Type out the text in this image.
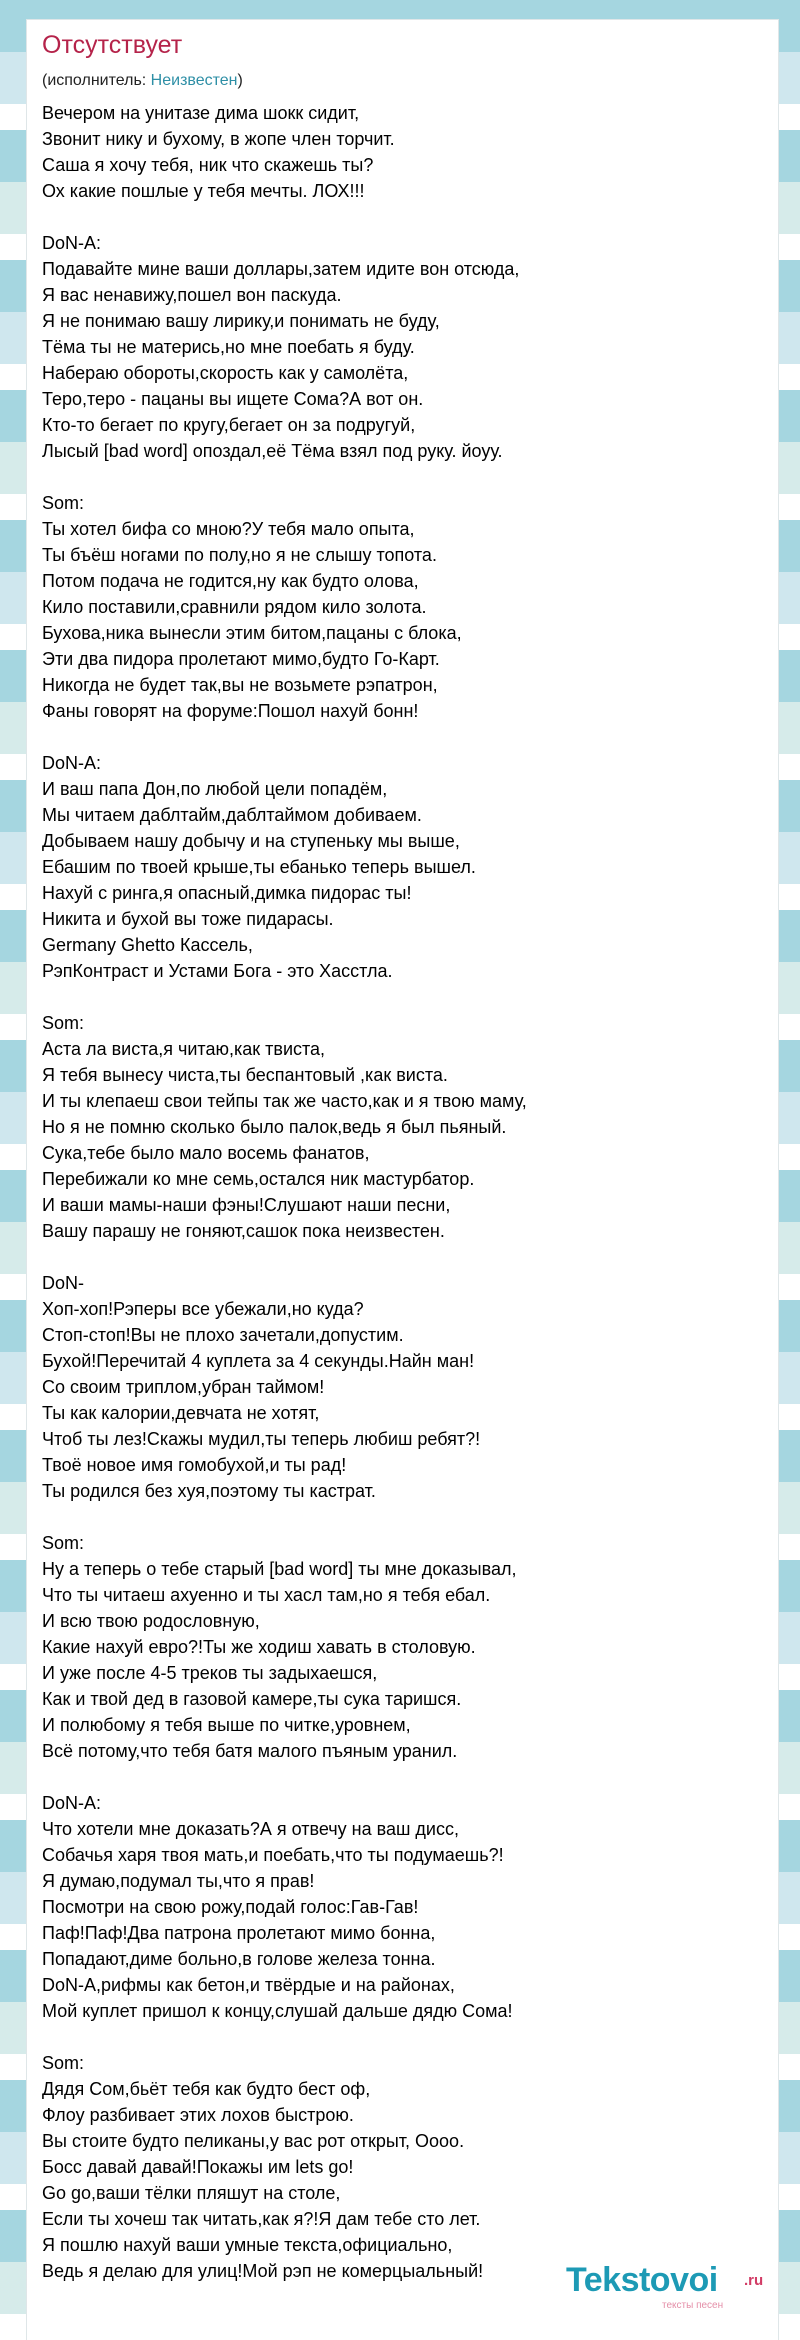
Отсутствует
(исполнитель: Неизвестен)
Вечером на унитазе дима шокк сидит,
Звонит нику и бухому, в жопе член торчит.
Саша я хочу тебя, ник что скажешь ты?
Ох какие пошлые у тебя мечты. ЛОХ!!!
DoN-A:
Подавайте мине ваши доллары,затем идите вон отсюда,
Я вас ненавижу,пошел вон паскуда.
Я не понимаю вашу лирику,и понимать не буду,
Тёма ты не матерись,но мне поебать я буду.
Набераю обороты,скорость как у самолёта,
Теро,теро - пацаны вы ищете Сома?А вот он.
Кто-то бегает по кругу,бегает он за подругуй,
Лысый [bad word] опоздал,её Тёма взял под руку. йоуу.
Som:
Ты хотел бифа со мною?У тебя мало опыта,
Ты бъёш ногами по полу,но я не слышу топота.
Потом подача не годится,ну как будто олова,
Кило поставили,сравнили рядом кило золота.
Бухова,ника вынесли этим битом,пацаны с блока,
Эти два пидора пролетают мимо,будто Го-Карт.
Никогда не будет так,вы не возьмете рэпатрон,
Фаны говорят на форуме:Пошол нахуй бонн!
DoN-A:
И ваш папа Дон,по любой цели попадём,
Мы читаем даблтайм,даблтаймом добиваем.
Добываем нашу добычу и на ступеньку мы выше,
Ебашим по твоей крыше,ты ебанько теперь вышел.
Нахуй с ринга,я опасный,димка пидорас ты!
Никита и бухой вы тоже пидарасы.
Germany Ghetto Кассель,
РэпКонтраст и Устами Бога - это Хасстла.
Som:
Аста ла виста,я читаю,как твиста,
Я тебя вынесу чиста,ты беспантовый ,как виста.
И ты клепаеш свои тейпы так же часто,как и я твою маму,
Но я не помню сколько было палок,ведь я был пьяный.
Сука,тебе было мало восемь фанатов,
Перебижали ко мне семь,остался ник мастурбатор.
И ваши мамы-наши фэны!Слушают наши песни,
Вашу парашу не гоняют,сашок пока неизвестен.
DoN-
Хоп-хоп!Рэперы все убежали,но куда?
Стоп-стоп!Вы не плохо зачетали,допустим.
Бухой!Перечитай 4 куплета за 4 секунды.Найн ман!
Со своим триплом,убран таймом!
Ты как калории,девчата не хотят,
Чтоб ты лез!Скажы мудил,ты теперь любиш ребят?!
Твоё новое имя гомобухой,и ты рад!
Ты родился без хуя,поэтому ты кастрат.
Som:
Ну а теперь о тебе старый [bad word] ты мне доказывал,
Что ты читаеш ахуенно и ты хасл там,но я тебя ебал.
И всю твою родословную,
Какие нахуй евро?!Ты же ходиш хавать в столовую.
И уже после 4-5 треков ты задыхаешся,
Как и твой дед в газовой камере,ты сука таришся.
И полюбому я тебя выше по читке,уровнем,
Всё потому,что тебя батя малого пъяным уранил.
DoN-A:
Что хотели мне доказать?А я отвечу на ваш дисс,
Собачья харя твоя мать,и поебать,что ты подумаешь?!
Я думаю,подумал ты,что я прав!
Посмотри на свою рожу,подай голос:Гав-Гав!
Паф!Паф!Два патрона пролетают мимо бонна,
Попадают,диме больно,в голове железа тонна.
DoN-A,рифмы как бетон,и твёрдые и на районах,
Мой куплет пришол к концу,слушай дальше дядю Сома!
Som:
Дядя Сом,бьёт тебя как будто бест оф,
Флоу разбивает этих лохов быстрою.
Вы стоите будто пеликаны,у вас рот открыт, Оооо.
Босс давай давай!Покажы им lets go!
Go go,ваши тёлки пляшут на столе,
Если ты хочеш так читать,как я?!Я дам тебе сто лет.
Я пошлю нахуй ваши умные текста,официально,
Ведь я делаю для улиц!Мой рэп не комерцыальный!	Tekstovoi .ru
тексты песен
